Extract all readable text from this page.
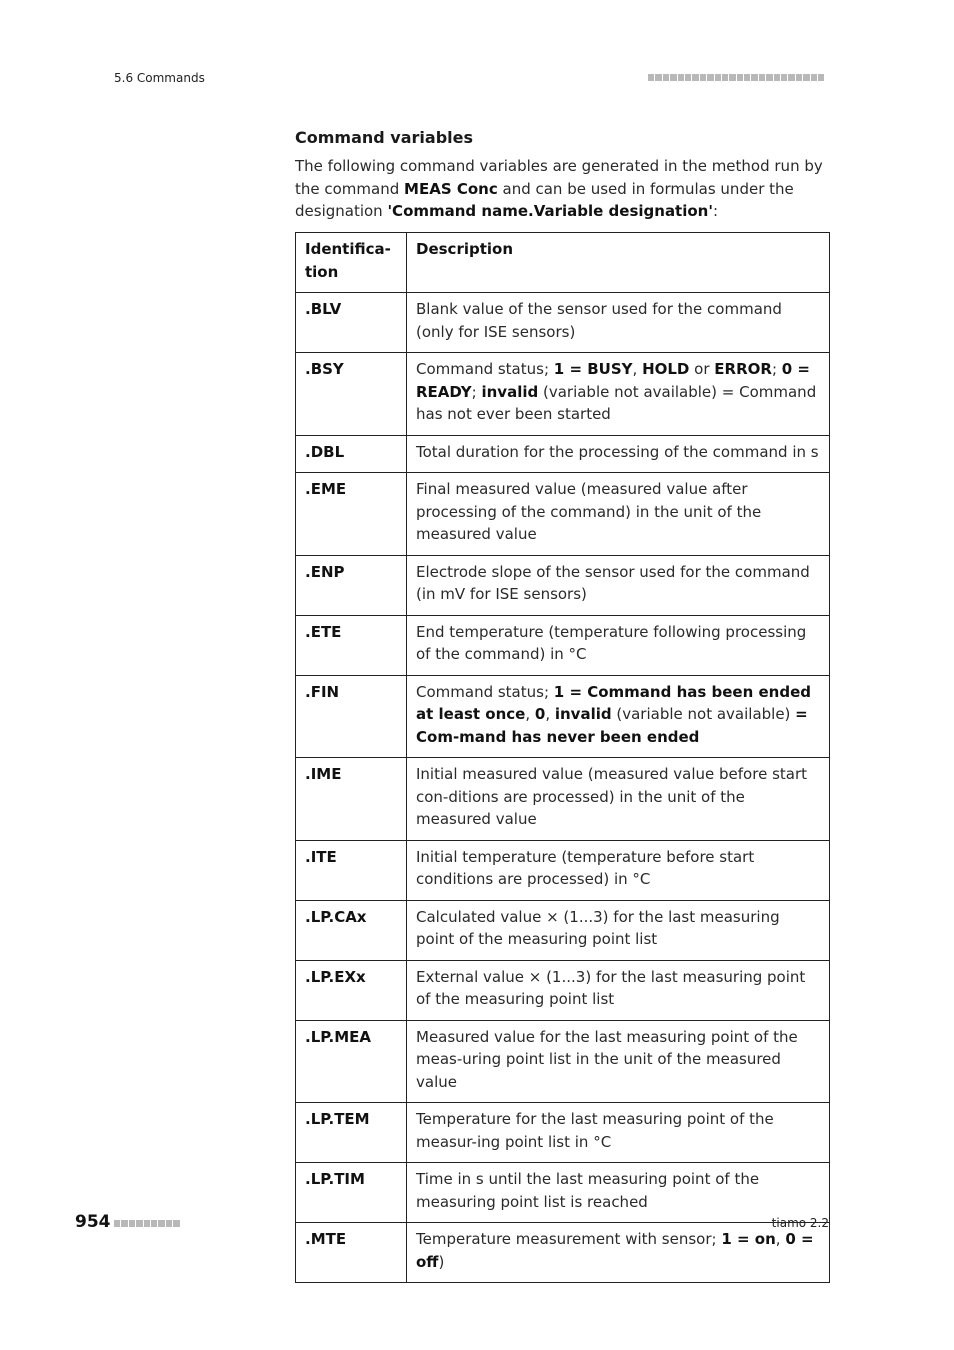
5.6 Commands
Command variables

The following command variables are generated in the method run by the command MEAS Conc and can be used in formulas under the designation 'Command name.Variable designation':

Identifica-tion	Description
.BLV	Blank value of the sensor used for the command (only for ISE sensors)
.BSY	Command status; 1 = BUSY, HOLD or ERROR; 0 = READY; invalid (variable not available) = Command has not ever been started
.DBL	Total duration for the processing of the command in s
.EME	Final measured value (measured value after processing of the command) in the unit of the measured value
.ENP	Electrode slope of the sensor used for the command (in mV for ISE sensors)
.ETE	End temperature (temperature following processing of the command) in °C
.FIN	Command status; 1 = Command has been ended at least once, 0, invalid (variable not available) = Com-mand has never been ended
.IME	Initial measured value (measured value before start con-ditions are processed) in the unit of the measured value
.ITE	Initial temperature (temperature before start conditions are processed) in °C
.LP.CAx	Calculated value × (1...3) for the last measuring point of the measuring point list
.LP.EXx	External value × (1...3) for the last measuring point of the measuring point list
.LP.MEA	Measured value for the last measuring point of the meas-uring point list in the unit of the measured value
.LP.TEM	Temperature for the last measuring point of the measur-ing point list in °C
.LP.TIM	Time in s until the last measuring point of the measuring point list is reached
.MTE	Temperature measurement with sensor; 1 = on, 0 = off)
954	tiamo 2.2
